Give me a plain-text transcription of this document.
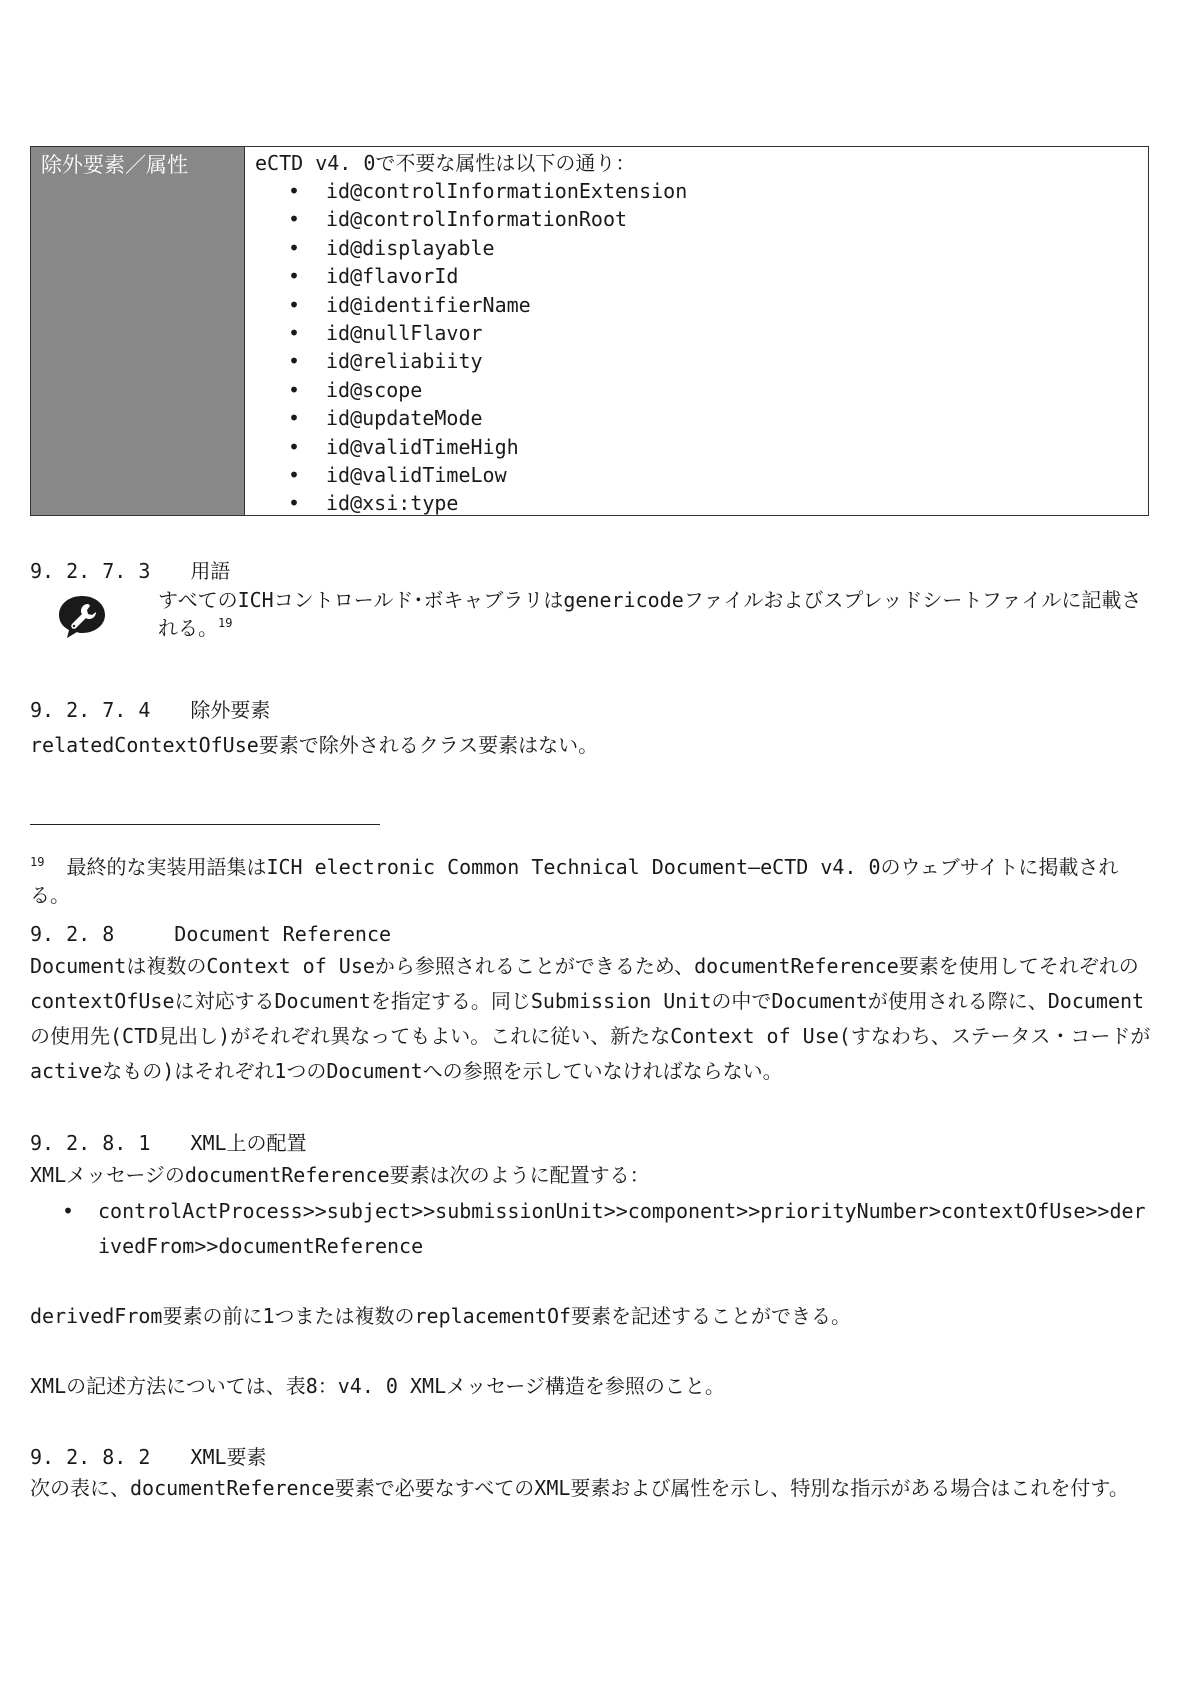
除外要素／属性	eCTD v4. 0で不要な属性は以下の通り：
• id@controlInformationExtension
• id@controlInformationRoot
• id@displayable
• id@flavorId
• id@identifierName
• id@nullFlavor
• id@reliabiity
• id@scope
• id@updateMode
• id@validTimeHigh
• id@validTimeLow
• id@xsi:type
9. 2. 7. 3　　用語
すべてのICHコントロールド･ボキャブラリはgenericodeファイルおよびスプレッドシートファイルに記載される。$^{19}$
9. 2. 7. 4　　除外要素
relatedContextOfUse要素で除外されるクラス要素はない。
$^{19}$ 最終的な実装用語集はICH electronic Common Technical Document—eCTD v4. 0のウェブサイトに掲載される。
9. 2. 8　　　Document Reference
Documentは複数のContext of Useから参照されることができるため、documentReference要素を使用してそれぞれのcontextOfUseに対応するDocumentを指定する。同じSubmission Unitの中でDocumentが使用される際に、Documentの使用先(CTD見出し)がそれぞれ異なってもよい。これに従い、新たなContext of Use(すなわち、ステータス・コードがactiveなもの)はそれぞれ1つのDocumentへの参照を示していなければならない。
9. 2. 8. 1　　XML上の配置
XMLメッセージのdocumentReference要素は次のように配置する：
•	controlActProcess>>subject>>submissionUnit>>component>>priorityNumber>contextOfUse>>derivedFrom>>documentReference
derivedFrom要素の前に1つまたは複数のreplacementOf要素を記述することができる。
XMLの記述方法については、表8：v4. 0 XMLメッセージ構造を参照のこと。
9. 2. 8. 2　　XML要素
次の表に、documentReference要素で必要なすべてのXML要素および属性を示し、特別な指示がある場合はこれを付す。
